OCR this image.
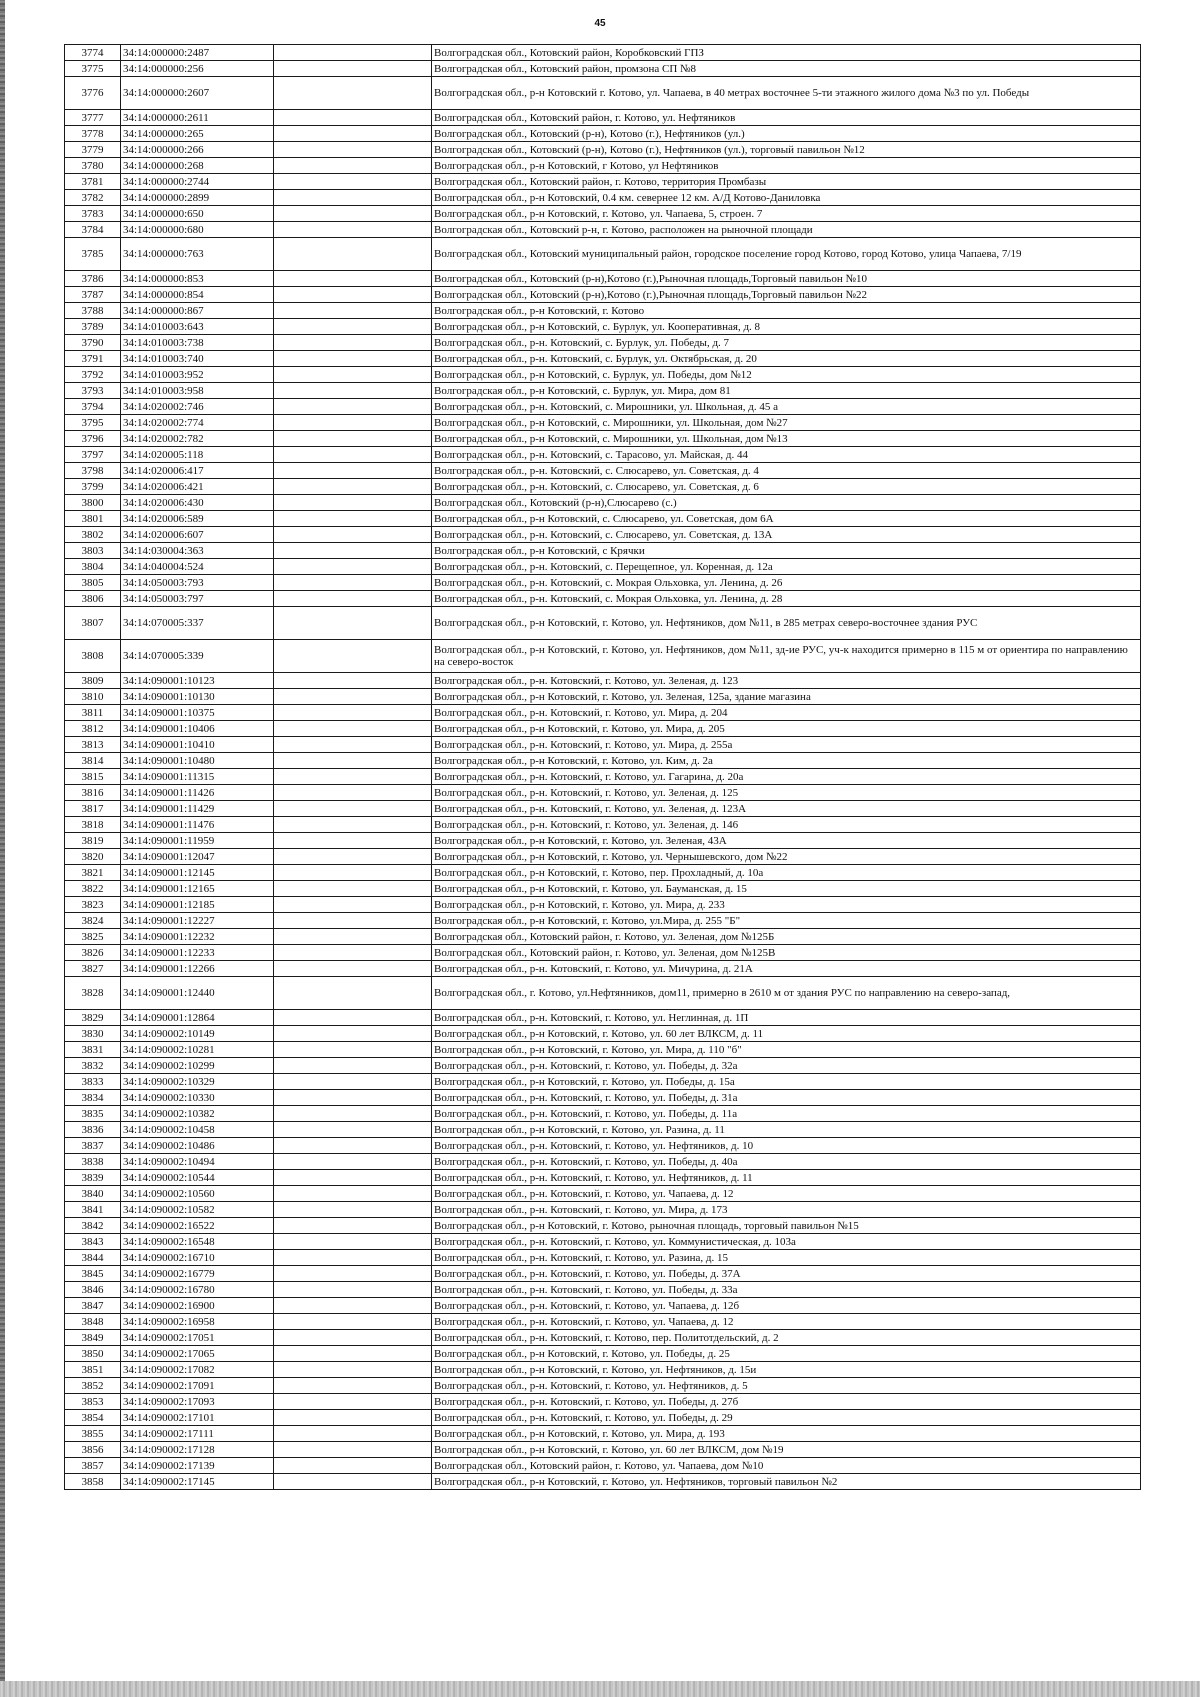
45
3774	34:14:000000:2487		Волгоградская обл., Котовский район, Коробковский ГПЗ
3775	34:14:000000:256		Волгоградская обл., Котовский район, промзона СП №8
3776	34:14:000000:2607		Волгоградская обл., р-н Котовский г. Котово, ул. Чапаева, в 40 метрах восточнее 5-ти этажного жилого дома №3 по ул. Победы
3777	34:14:000000:2611		Волгоградская обл., Котовский район, г. Котово, ул. Нефтяников
3778	34:14:000000:265		Волгоградская обл., Котовский (р-н), Котово (г.), Нефтяников (ул.)
3779	34:14:000000:266		Волгоградская обл., Котовский (р-н), Котово (г.), Нефтяников (ул.), торговый павильон №12
3780	34:14:000000:268		Волгоградская обл., р-н Котовский, г Котово, ул Нефтяников
3781	34:14:000000:2744		Волгоградская обл., Котовский район, г. Котово, территория Промбазы
3782	34:14:000000:2899		Волгоградская обл., р-н Котовский, 0.4 км. севернее 12 км. А/Д Котово-Даниловка
3783	34:14:000000:650		Волгоградская обл., р-н Котовский, г. Котово, ул. Чапаева, 5, строен. 7
3784	34:14:000000:680		Волгоградская обл., Котовский р-н, г. Котово, расположен на рыночной площади
3785	34:14:000000:763		Волгоградская обл., Котовский муниципальный район, городское поселение город Котово, город Котово, улица Чапаева, 7/19
3786	34:14:000000:853		Волгоградская обл., Котовский (р-н),Котово (г.),Рыночная площадь,Торговый павильон №10
3787	34:14:000000:854		Волгоградская обл., Котовский (р-н),Котово (г.),Рыночная площадь,Торговый павильон №22
3788	34:14:000000:867		Волгоградская обл., р-н Котовский, г. Котово
3789	34:14:010003:643		Волгоградская обл., р-н Котовский, с. Бурлук, ул. Кооперативная, д. 8
3790	34:14:010003:738		Волгоградская обл., р-н. Котовский, с. Бурлук, ул. Победы, д. 7
3791	34:14:010003:740		Волгоградская обл., р-н. Котовский, с. Бурлук, ул. Октябрьская, д. 20
3792	34:14:010003:952		Волгоградская обл., р-н Котовский, с. Бурлук, ул. Победы, дом №12
3793	34:14:010003:958		Волгоградская обл., р-н Котовский, с. Бурлук, ул. Мира, дом 81
3794	34:14:020002:746		Волгоградская обл., р-н. Котовский, с. Мирошники, ул. Школьная, д. 45 а
3795	34:14:020002:774		Волгоградская обл., р-н Котовский, с. Мирошники, ул. Школьная, дом №27
3796	34:14:020002:782		Волгоградская обл., р-н Котовский, с. Мирошники, ул. Школьная, дом №13
3797	34:14:020005:118		Волгоградская обл., р-н. Котовский, с. Тарасово, ул. Майская, д. 44
3798	34:14:020006:417		Волгоградская обл., р-н. Котовский, с. Слюсарево, ул. Советская, д. 4
3799	34:14:020006:421		Волгоградская обл., р-н. Котовский, с. Слюсарево, ул. Советская, д. 6
3800	34:14:020006:430		Волгоградская обл., Котовский (р-н),Слюсарево (с.)
3801	34:14:020006:589		Волгоградская обл., р-н Котовский, с. Слюсарево, ул. Советская, дом 6А
3802	34:14:020006:607		Волгоградская обл., р-н. Котовский, с. Слюсарево, ул. Советская, д. 13А
3803	34:14:030004:363		Волгоградская обл., р-н Котовский, с Крячки
3804	34:14:040004:524		Волгоградская обл., р-н. Котовский, с. Перещепное, ул. Коренная, д. 12а
3805	34:14:050003:793		Волгоградская обл., р-н. Котовский, с. Мокрая Ольховка, ул. Ленина, д. 26
3806	34:14:050003:797		Волгоградская обл., р-н. Котовский, с. Мокрая Ольховка, ул. Ленина, д. 28
3807	34:14:070005:337		Волгоградская обл., р-н Котовский, г. Котово, ул. Нефтяников, дом №11, в 285 метрах северо-восточнее здания РУС
3808	34:14:070005:339		Волгоградская обл., р-н Котовский, г. Котово, ул. Нефтяников, дом №11, зд-ие РУС, уч-к находится примерно в 115 м от ориентира по направлению на северо-восток
3809	34:14:090001:10123		Волгоградская обл., р-н. Котовский, г. Котово, ул. Зеленая, д. 123
3810	34:14:090001:10130		Волгоградская обл., р-н Котовский, г. Котово, ул. Зеленая, 125а, здание магазина
3811	34:14:090001:10375		Волгоградская обл., р-н. Котовский, г. Котово, ул. Мира, д. 204
3812	34:14:090001:10406		Волгоградская обл., р-н Котовский, г. Котово, ул. Мира, д. 205
3813	34:14:090001:10410		Волгоградская обл., р-н. Котовский, г. Котово, ул. Мира, д. 255а
3814	34:14:090001:10480		Волгоградская обл., р-н Котовский, г. Котово, ул. Ким, д. 2а
3815	34:14:090001:11315		Волгоградская обл., р-н. Котовский, г. Котово, ул. Гагарина, д. 20а
3816	34:14:090001:11426		Волгоградская обл., р-н. Котовский, г. Котово, ул. Зеленая, д. 125
3817	34:14:090001:11429		Волгоградская обл., р-н. Котовский, г. Котово, ул. Зеленая, д. 123А
3818	34:14:090001:11476		Волгоградская обл., р-н. Котовский, г. Котово, ул. Зеленая, д. 146
3819	34:14:090001:11959		Волгоградская обл., р-н Котовский, г. Котово, ул. Зеленая, 43А
3820	34:14:090001:12047		Волгоградская обл., р-н Котовский, г. Котово, ул. Чернышевского, дом №22
3821	34:14:090001:12145		Волгоградская обл., р-н Котовский, г. Котово, пер. Прохладный, д. 10а
3822	34:14:090001:12165		Волгоградская обл., р-н Котовский, г. Котово, ул. Бауманская, д. 15
3823	34:14:090001:12185		Волгоградская обл., р-н Котовский, г. Котово, ул. Мира, д. 233
3824	34:14:090001:12227		Волгоградская обл., р-н Котовский, г. Котово, ул.Мира, д. 255 "Б"
3825	34:14:090001:12232		Волгоградская обл., Котовский район, г. Котово, ул. Зеленая, дом №125Б
3826	34:14:090001:12233		Волгоградская обл., Котовский район, г. Котово, ул. Зеленая, дом №125В
3827	34:14:090001:12266		Волгоградская обл., р-н. Котовский, г. Котово, ул. Мичурина, д. 21А
3828	34:14:090001:12440		Волгоградская обл., г. Котово, ул.Нефтянников, дом11, примерно в 2610 м от здания РУС по направлению на северо-запад,
3829	34:14:090001:12864		Волгоградская обл., р-н. Котовский, г. Котово, ул. Неглинная, д. 1П
3830	34:14:090002:10149		Волгоградская обл., р-н Котовский, г. Котово, ул. 60 лет ВЛКСМ, д. 11
3831	34:14:090002:10281		Волгоградская обл., р-н Котовский, г. Котово, ул. Мира, д. 110 "б"
3832	34:14:090002:10299		Волгоградская обл., р-н. Котовский, г. Котово, ул. Победы, д. 32а
3833	34:14:090002:10329		Волгоградская обл., р-н Котовский, г. Котово, ул. Победы, д. 15а
3834	34:14:090002:10330		Волгоградская обл., р-н. Котовский, г. Котово, ул. Победы, д. 31а
3835	34:14:090002:10382		Волгоградская обл., р-н. Котовский, г. Котово, ул. Победы, д. 11а
3836	34:14:090002:10458		Волгоградская обл., р-н Котовский, г. Котово, ул. Разина, д. 11
3837	34:14:090002:10486		Волгоградская обл., р-н. Котовский, г. Котово, ул. Нефтяников, д. 10
3838	34:14:090002:10494		Волгоградская обл., р-н. Котовский, г. Котово, ул. Победы, д. 40а
3839	34:14:090002:10544		Волгоградская обл., р-н. Котовский, г. Котово, ул. Нефтяников, д. 11
3840	34:14:090002:10560		Волгоградская обл., р-н. Котовский, г. Котово, ул. Чапаева, д. 12
3841	34:14:090002:10582		Волгоградская обл., р-н. Котовский, г. Котово, ул. Мира, д. 173
3842	34:14:090002:16522		Волгоградская обл., р-н Котовский, г. Котово, рыночная площадь, торговый павильон №15
3843	34:14:090002:16548		Волгоградская обл., р-н. Котовский, г. Котово, ул. Коммунистическая, д. 103а
3844	34:14:090002:16710		Волгоградская обл., р-н. Котовский, г. Котово, ул. Разина, д. 15
3845	34:14:090002:16779		Волгоградская обл., р-н. Котовский, г. Котово, ул. Победы, д. 37А
3846	34:14:090002:16780		Волгоградская обл., р-н. Котовский, г. Котово, ул. Победы, д. 33а
3847	34:14:090002:16900		Волгоградская обл., р-н. Котовский, г. Котово, ул. Чапаева, д. 12б
3848	34:14:090002:16958		Волгоградская обл., р-н. Котовский, г. Котово, ул. Чапаева, д. 12
3849	34:14:090002:17051		Волгоградская обл., р-н. Котовский, г. Котово, пер. Политотдельский, д. 2
3850	34:14:090002:17065		Волгоградская обл., р-н Котовский, г. Котово, ул. Победы, д. 25
3851	34:14:090002:17082		Волгоградская обл., р-н Котовский, г. Котово, ул. Нефтяников, д. 15и
3852	34:14:090002:17091		Волгоградская обл., р-н. Котовский, г. Котово, ул. Нефтяников, д. 5
3853	34:14:090002:17093		Волгоградская обл., р-н. Котовский, г. Котово, ул. Победы, д. 27б
3854	34:14:090002:17101		Волгоградская обл., р-н. Котовский, г. Котово, ул. Победы, д. 29
3855	34:14:090002:17111		Волгоградская обл., р-н Котовский, г. Котово, ул. Мира, д. 193
3856	34:14:090002:17128		Волгоградская обл., р-н Котовский, г. Котово, ул. 60 лет ВЛКСМ, дом №19
3857	34:14:090002:17139		Волгоградская обл., Котовский район, г. Котово, ул. Чапаева, дом №10
3858	34:14:090002:17145		Волгоградская обл., р-н Котовский, г. Котово, ул. Нефтяников, торговый павильон №2
